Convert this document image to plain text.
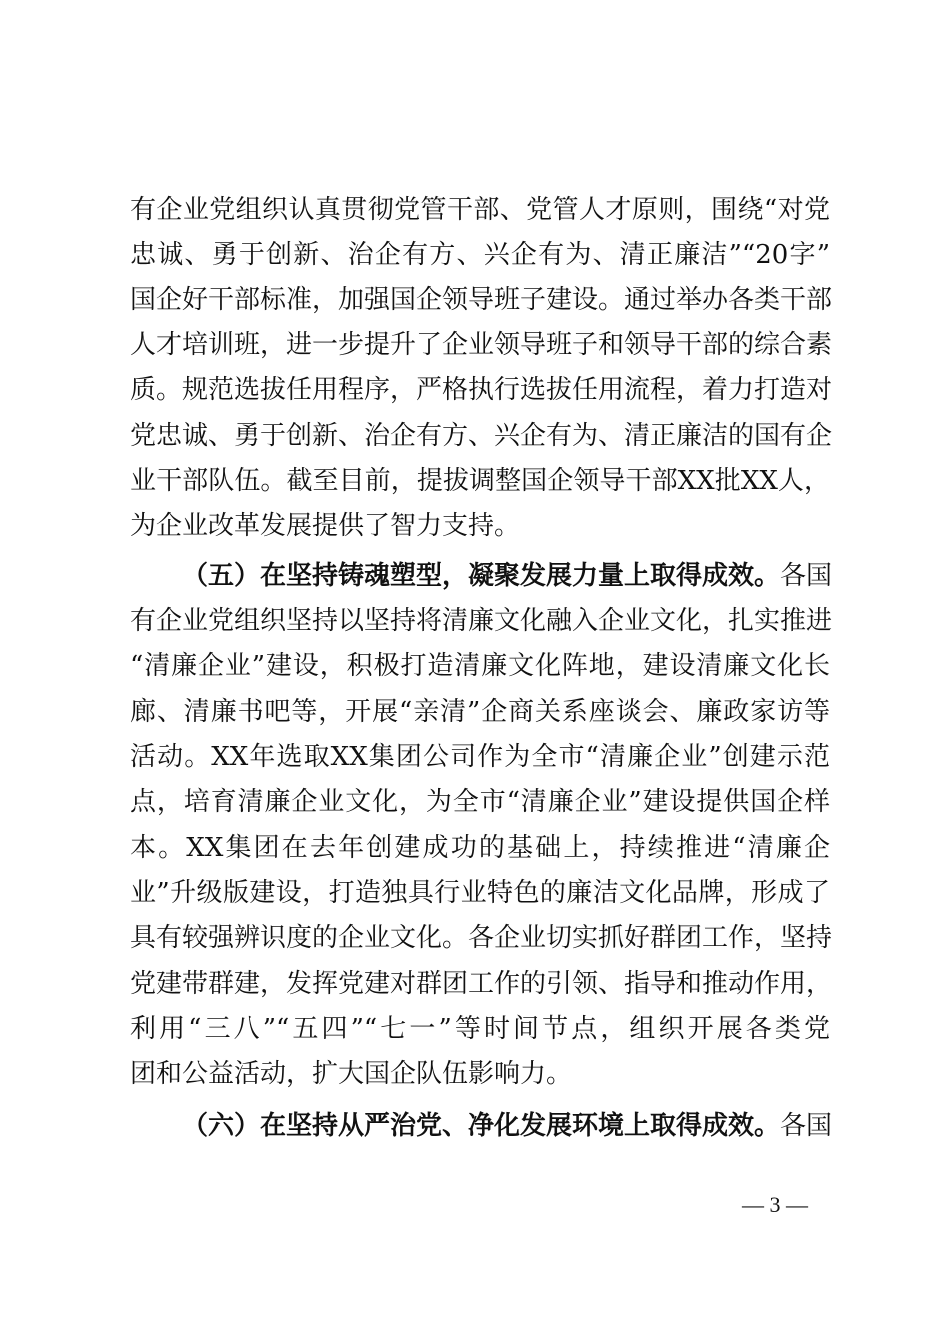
有企业党组织认真贯彻党管干部、党管人才原则，围绕“对党
忠诚、勇于创新、治企有方、兴企有为、清正廉洁”“20字”
国企好干部标准，加强国企领导班子建设。通过举办各类干部
人才培训班，进一步提升了企业领导班子和领导干部的综合素
质。规范选拔任用程序，严格执行选拔任用流程，着力打造对
党忠诚、勇于创新、治企有方、兴企有为、清正廉洁的国有企
业干部队伍。截至目前，提拔调整国企领导干部XX批XX人，
为企业改革发展提供了智力支持。
（五）在坚持铸魂塑型，凝聚发展力量上取得成效。各国
有企业党组织坚持以坚持将清廉文化融入企业文化，扎实推进
“清廉企业”建设，积极打造清廉文化阵地，建设清廉文化长
廊、清廉书吧等，开展“亲清”企商关系座谈会、廉政家访等
活动。XX年选取XX集团公司作为全市“清廉企业”创建示范
点，培育清廉企业文化，为全市“清廉企业”建设提供国企样
本。XX集团在去年创建成功的基础上，持续推进“清廉企
业”升级版建设，打造独具行业特色的廉洁文化品牌，形成了
具有较强辨识度的企业文化。各企业切实抓好群团工作，坚持
党建带群建，发挥党建对群团工作的引领、指导和推动作用，
利用“三八”“五四”“七一”等时间节点，组织开展各类党
团和公益活动，扩大国企队伍影响力。
（六）在坚持从严治党、净化发展环境上取得成效。各国
— 3 —
